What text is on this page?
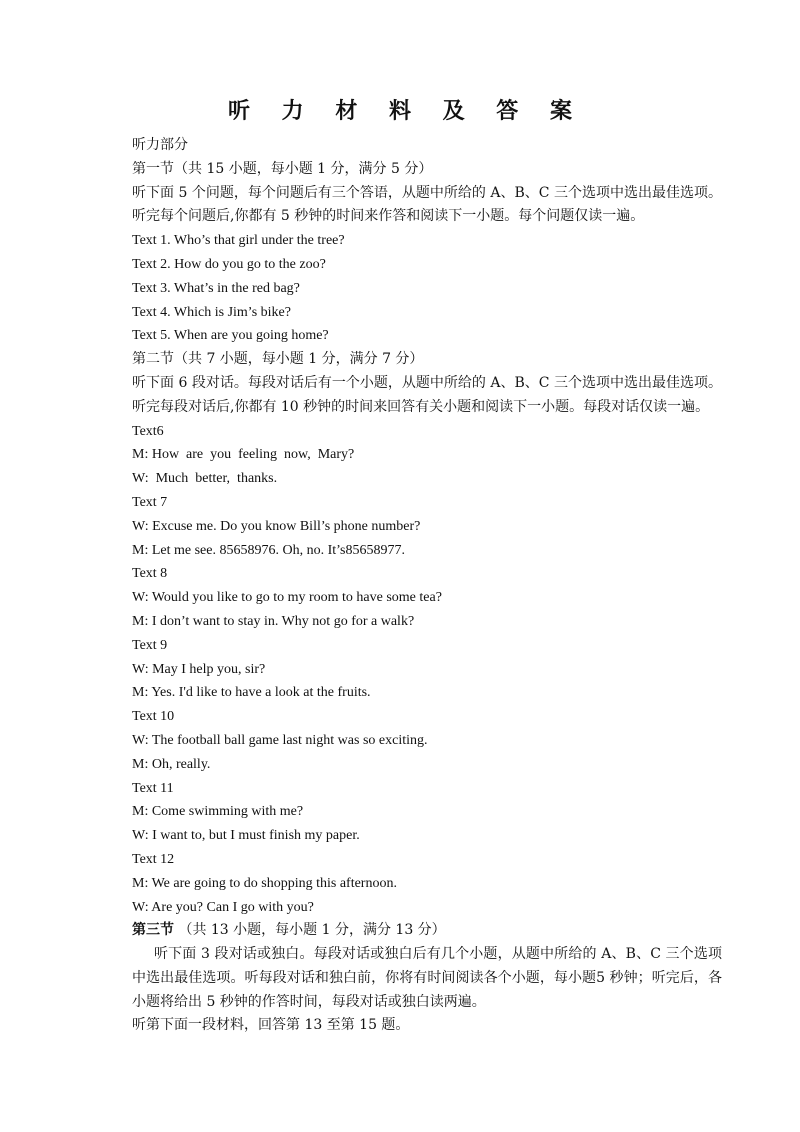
听 力 材 料 及 答 案
听力部分
第一节（共 15 小题，每小题 1 分，满分 5 分）
听下面 5 个问题，每个问题后有三个答语，从题中所给的 A、B、C 三个选项中选出最佳选项。听完每个问题后,你都有 5 秒钟的时间来作答和阅读下一小题。每个问题仅读一遍。
Text 1. Who’s that girl under the tree?
Text 2. How do you go to the zoo?
Text 3. What’s in the red bag?
Text 4. Which is Jim’s bike?
Text 5. When are you going home?
第二节（共 7 小题，每小题 1 分，满分 7 分）
听下面 6 段对话。每段对话后有一个小题，从题中所给的 A、B、C 三个选项中选出最佳选项。听完每段对话后,你都有 10 秒钟的时间来回答有关小题和阅读下一小题。每段对话仅读一遍。
Text6
M: How  are  you  feeling  now,  Mary?
W:  Much  better,  thanks.
Text 7
W: Excuse me. Do you know Bill’s phone number?
M: Let me see. 85658976. Oh, no. It’s85658977.
Text 8
W: Would you like to go to my room to have some tea?
M: I don’t want to stay in. Why not go for a walk?
Text 9
W: May I help you, sir?
M: Yes. I'd like to have a look at the fruits.
Text 10
W: The football ball game last night was so exciting.
M: Oh, really.
Text 11
M: Come swimming with me?
W: I want to, but I must finish my paper.
Text 12
M: We are going to do shopping this afternoon.
W: Are you? Can I go with you?
第三节 （共 13 小题，每小题 1 分，满分 13 分）
听下面 3 段对话或独白。每段对话或独白后有几个小题，从题中所给的 A、B、C 三个选项中选出最佳选项。听每段对话和独白前，你将有时间阅读各个小题，每小题5 秒钟；听完后，各小题将给出 5 秒钟的作答时间，每段对话或独白读两遍。
听第下面一段材料，回答第 13 至第 15 题。
